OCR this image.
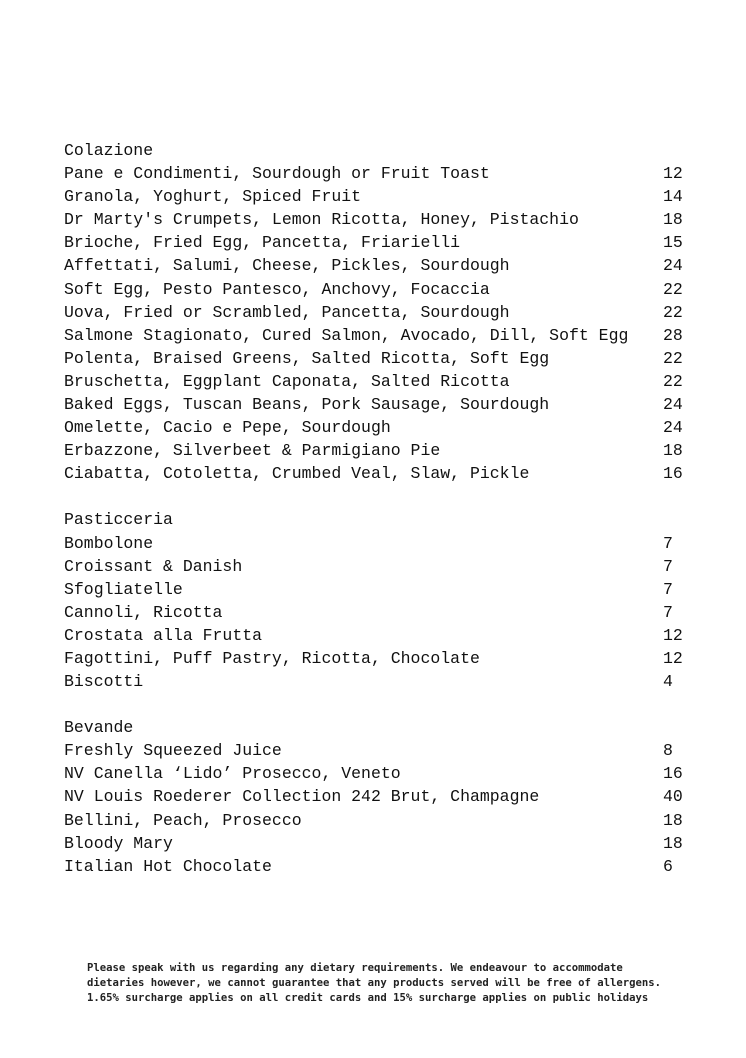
Colazione
Pane e Condimenti, Sourdough or Fruit Toast	12
Granola, Yoghurt, Spiced Fruit	14
Dr Marty's Crumpets, Lemon Ricotta, Honey, Pistachio	18
Brioche, Fried Egg, Pancetta, Friarielli	15
Affettati, Salumi, Cheese, Pickles, Sourdough	24
Soft Egg, Pesto Pantesco, Anchovy, Focaccia	22
Uova, Fried or Scrambled, Pancetta, Sourdough	22
Salmone Stagionato, Cured Salmon, Avocado, Dill, Soft Egg 28
Polenta, Braised Greens, Salted Ricotta, Soft Egg	22
Bruschetta, Eggplant Caponata, Salted Ricotta	22
Baked Eggs, Tuscan Beans, Pork Sausage, Sourdough	24
Omelette, Cacio e Pepe, Sourdough	24
Erbazzone, Silverbeet & Parmigiano Pie	18
Ciabatta, Cotoletta, Crumbed Veal, Slaw, Pickle	16
Pasticceria
Bombolone	7
Croissant & Danish	7
Sfogliatelle	7
Cannoli, Ricotta	7
Crostata alla Frutta	12
Fagottini, Puff Pastry, Ricotta, Chocolate	12
Biscotti	4
Bevande
Freshly Squeezed Juice	8
NV Canella ‘Lido’ Prosecco, Veneto	16
NV Louis Roederer Collection 242 Brut, Champagne	40
Bellini, Peach, Prosecco	18
Bloody Mary	18
Italian Hot Chocolate	6
Please speak with us regarding any dietary requirements. We endeavour to accommodate dietaries however, we cannot guarantee that any products served will be free of allergens. 1.65% surcharge applies on all credit cards and 15% surcharge applies on public holidays
